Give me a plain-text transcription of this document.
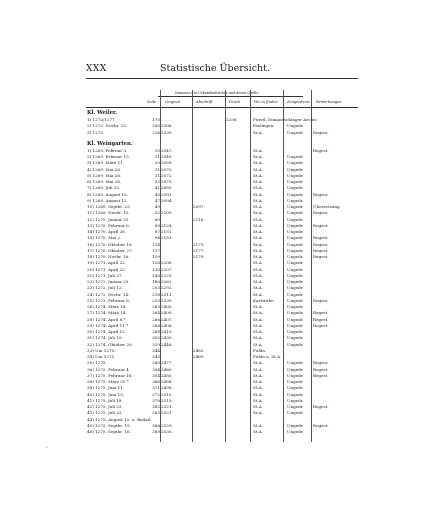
XXX	Statistische Übersicht.
Nummer der Urkundenbücher und deren Quelle.
Seite Original	Abschrift	Druck	Wo zu finden	Zeugenkreis Bemerkungen
Kl. Weiler.
1) 1272/1277.	175 . . . . .	2256.	Fürstl. Donaueschinger Archiv.
2) 1272. Novbr. 22.	250 2306.	Esslingen.	Ungedr.
3) 1273.	226 2330.	St.A.	Ungedr. Regest.
Kl. Weingarten.
1) 1269. Februar 3.	10 2047.	St.A.	Regest.
2) 1269. Februar 15.	11 2049.	St.A.	Ungedr.
3) 1269. März 11.	20 2059.	St.A.	Ungedr.
4) 1269. Mai 26.	31 2070.	St.A.	Ungedr.
5) 1269. Mai 26.	31 2072.	St.A.	Ungedr.
6) 1269. Mai 26.	32 2073.	St.A.	Ungedr.
7) 1269. Juli 25.	41 2083.	St.A.	Ungedr.
8) 1269. August 10.	45 2092.	St.A.	Ungedr. Regest.
9) 1269. August 12.	47 2094.	St.A.	Ungedr.
10) 1269. Septbr. 23.	49	2097.	St.A.	Ungedr. Übersetzung.
11) 1269. Novbr. 15.	52 2105.	St.A.	Ungedr. Regest.
12) 1270. Januar 21.	60	2116.	St.A.	Ungedr.
13) 1270. Februar 6.	69 2128.	St.A.	Ungedr. Regest.
14) 1270. April 26.	87 2151.	St.A.	Ungedr.
15) 1270. Mai 2.	94 2153.	St.A.	Ungedr. Regest.
16) 1270. Oktober 16.	114	2175.	St.A.	Ungedr. Regest.
17) 1270. Oktober 27.	117	2177.	St.A.	Ungedr. Regest.
18) 1270. Novbr. 18.	119	2179.	St.A.	Ungedr. Regest.
19) 1271. April 22.	126 2206.	St.A.	Ungedr.
20) 1271. April 22.	130 2207.	St.A.	Ungedr.
21) 1271. Juli 27.	149 2225.	St.A.	Ungedr.
22) 1272. Januar 25.	180 2262.	St.A.	Ungedr.
23) 1272. Juli 12.	203 2292.	St.A.	Ungedr.
24) 1272. Decbr. 14.	218 2311.	St.A.	Ungedr.
25) 1273. Februar 8.	223 2330.	Karlsruhe.	Ungedr. Regest.
26) 1274. März 14.	263 2400.	St.A.	Ungedr.
27) 1274. März 14.	264 2400.	St.A.	Ungedr. Regest.
28) 1274. April 8.*	266 2407.	St.A.	Ungedr. Regest.
29) 1274. April 11.*	268 2408.	St.A.	Ungedr. Regest.
30) 1274. April 12.	269 2410.	St.A.	Ungedr.
31) 1274. Juli 10.	302 2430.	St.A.	Ungedr.
32) 1274. Oktober 20.	329 2446.	St.A.	Ungedr.
33) Um 1275.	344	2463.	Fulda.
34) Um 1275.	345	2469.	Fulda u. St.A.
35) 1275.	349 2477.	St.A.	Ungedr. Regest.
36) 1275. Februar 4.	354 2480.	St.A.	Ungedr. Regest.
37) 1275. Februar 16.	354 2485.	St.A.	Ungedr. Regest.
38) 1275. März 31.*	366 2488.	St.A.	Ungedr.
39) 1275. Juni 11.	371 2498.	St.A.	Ungedr.
40) 1275. Juni 15.	372 2510.	St.A.	Ungedr.
41) 1275. Juli 18.	379 2515.	St.A.	Ungedr.
42) 1275. Juli 23.	382 2521.	St.A.	Ungedr. Regest.
43) 1275. Juli 23.	383 2521.	St.A.	Ungedr.
44) 1275. August 15. u. Beilaß.
45) 1275. Septbr. 15.	388 2529.	St.A.	Ungedr. Regest.
46) 1275. Septbr. 16.	389 2530.	St.A.	Ungedr.
,
